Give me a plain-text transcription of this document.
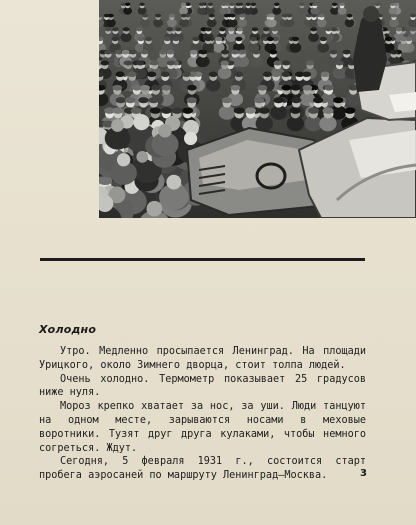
Холодно

Утро. Медленно просыпается Ленинград. На площади Урицкого, около Зимнего дворца, стоит толпа людей.

Очень холодно. Термометр показывает 25 градусов ниже нуля.

Мороз крепко хватает за нос, за уши. Люди танцуют на одном месте, зарываются носами в меховые воротники. Тузят друг друга кулаками, чтобы немного согреться. Ждут.

Сегодня, 5 февраля 1931 г., состоится старт пробега аэросаней по маршруту Ленинград—Москва.	3
